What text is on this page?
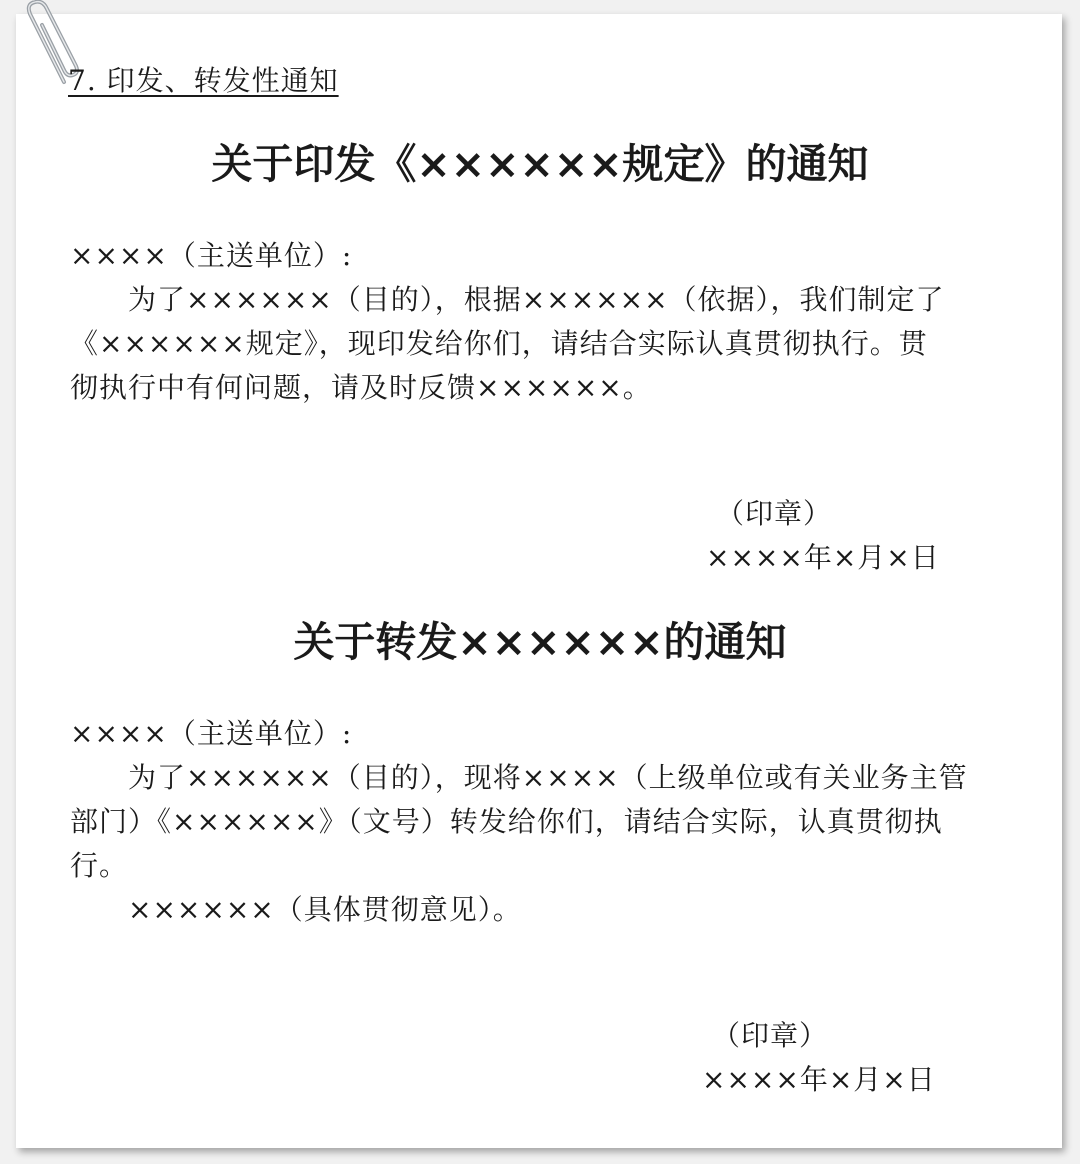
7. 印发、转发性通知
关于印发《××××××规定》的通知
××××（主送单位）:
　　为了××××××（目的），根据××××××（依据），我们制定了
《××××××规定》，现印发给你们，请结合实际认真贯彻执行。贯
彻执行中有何问题，请及时反馈××××××。
（印章）
××××年×月×日
关于转发××××××的通知
××××（主送单位）:
　　为了××××××（目的），现将××××（上级单位或有关业务主管
部门）《××××××》（文号）转发给你们，请结合实际，认真贯彻执
行。
　　××××××（具体贯彻意见）。
（印章）
××××年×月×日
